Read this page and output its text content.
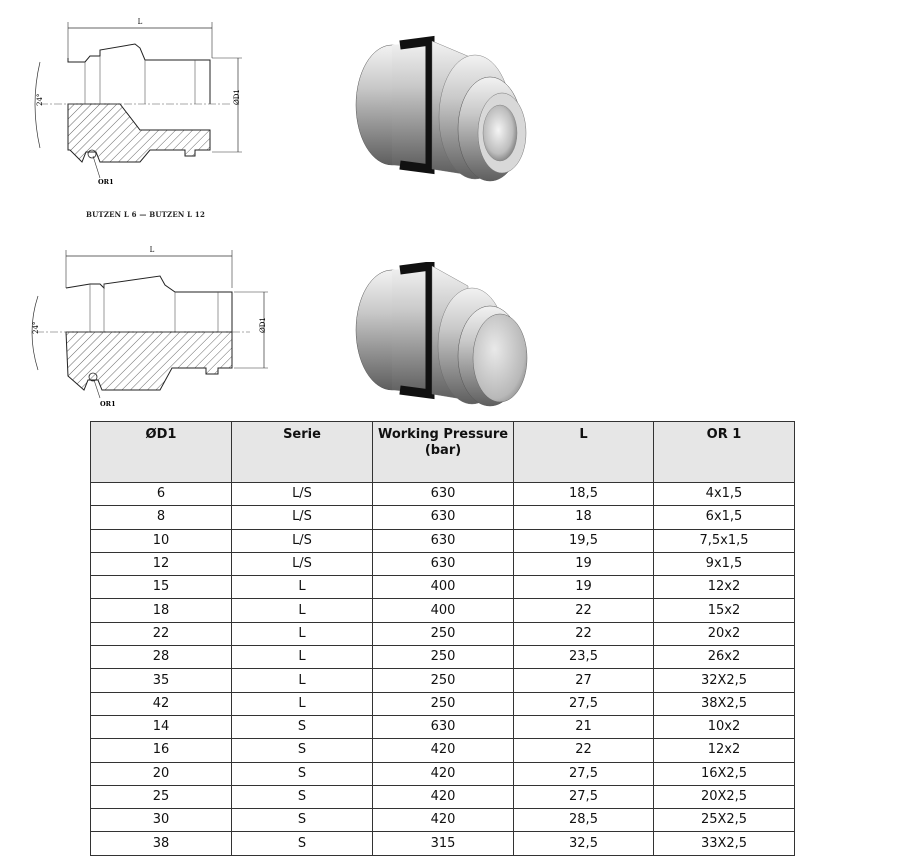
L
24°	ØD1
OR1
BUTZEN L 6 — BUTZEN L 12
L
24°	ØD1
OR1
ØD1	Serie	Working Pressure (bar)	L	OR 1
6	L/S	630	18,5	4x1,5
8	L/S	630	18	6x1,5
10	L/S	630	19,5	7,5x1,5
12	L/S	630	19	9x1,5
15	L	400	19	12x2
18	L	400	22	15x2
22	L	250	22	20x2
28	L	250	23,5	26x2
35	L	250	27	32X2,5
42	L	250	27,5	38X2,5
14	S	630	21	10x2
16	S	420	22	12x2
20	S	420	27,5	16X2,5
25	S	420	27,5	20X2,5
30	S	420	28,5	25X2,5
38	S	315	32,5	33X2,5
